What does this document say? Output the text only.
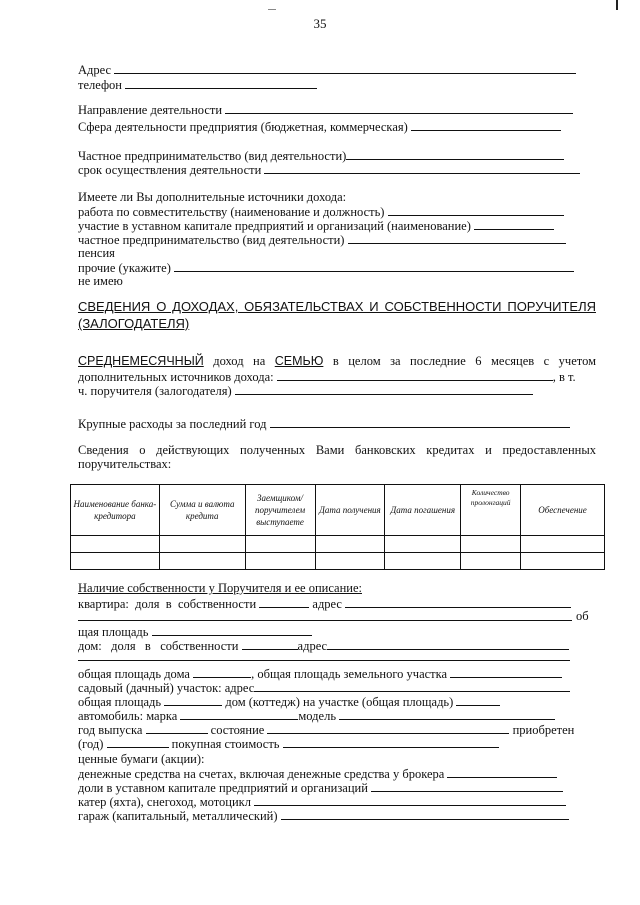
35
Адрес
телефон
Направление деятельности
Сфера деятельности предприятия (бюджетная, коммерческая)
Частное предпринимательство (вид деятельности)
срок осуществления деятельности
Имеете ли Вы дополнительные источники дохода:
работа по совместительству (наименование и должность)
участие в уставном капитале предприятий и организаций (наименование)
частное предпринимательство (вид деятельности)
пенсия
прочие (укажите)
не имею
СВЕДЕНИЯ О ДОХОДАХ, ОБЯЗАТЕЛЬСТВАХ И СОБСТВЕННОСТИ ПОРУЧИТЕЛЯ
(ЗАЛОГОДАТЕЛЯ)
СРЕДНЕМЕСЯЧНЫЙ доход на СЕМЬЮ в целом за последние 6 месяцев с учетом
дополнительных источников дохода:	, в т.
ч. поручителя (залогодателя)
Крупные расходы за последний год
Сведения о действующих полученных Вами банковских кредитах и предоставленных
поручительствах:
Наименование банка-кредитора	Сумма и валюта кредита	Заемщиком/ поручителем выступаете	Дата получения	Дата погашения	Количество пролонгаций	Обеспечение

Наличие собственности у Поручителя и ее описание:
квартира:  доля  в  собственности	адрес
об
щая площадь
дом:   доля   в   собственности	адрес
общая площадь дома	, общая площадь земельного участка
садовый (дачный) участок: адрес
общая площадь	дом (коттедж) на участке (общая площадь)
автомобиль: марка	модель
год выпуска	состояние	приобретен
(год)	покупная стоимость
ценные бумаги (акции):
денежные средства на счетах, включая денежные средства у брокера
доли в уставном капитале предприятий и организаций
катер (яхта), снегоход, мотоцикл
гараж (капитальный, металлический)
